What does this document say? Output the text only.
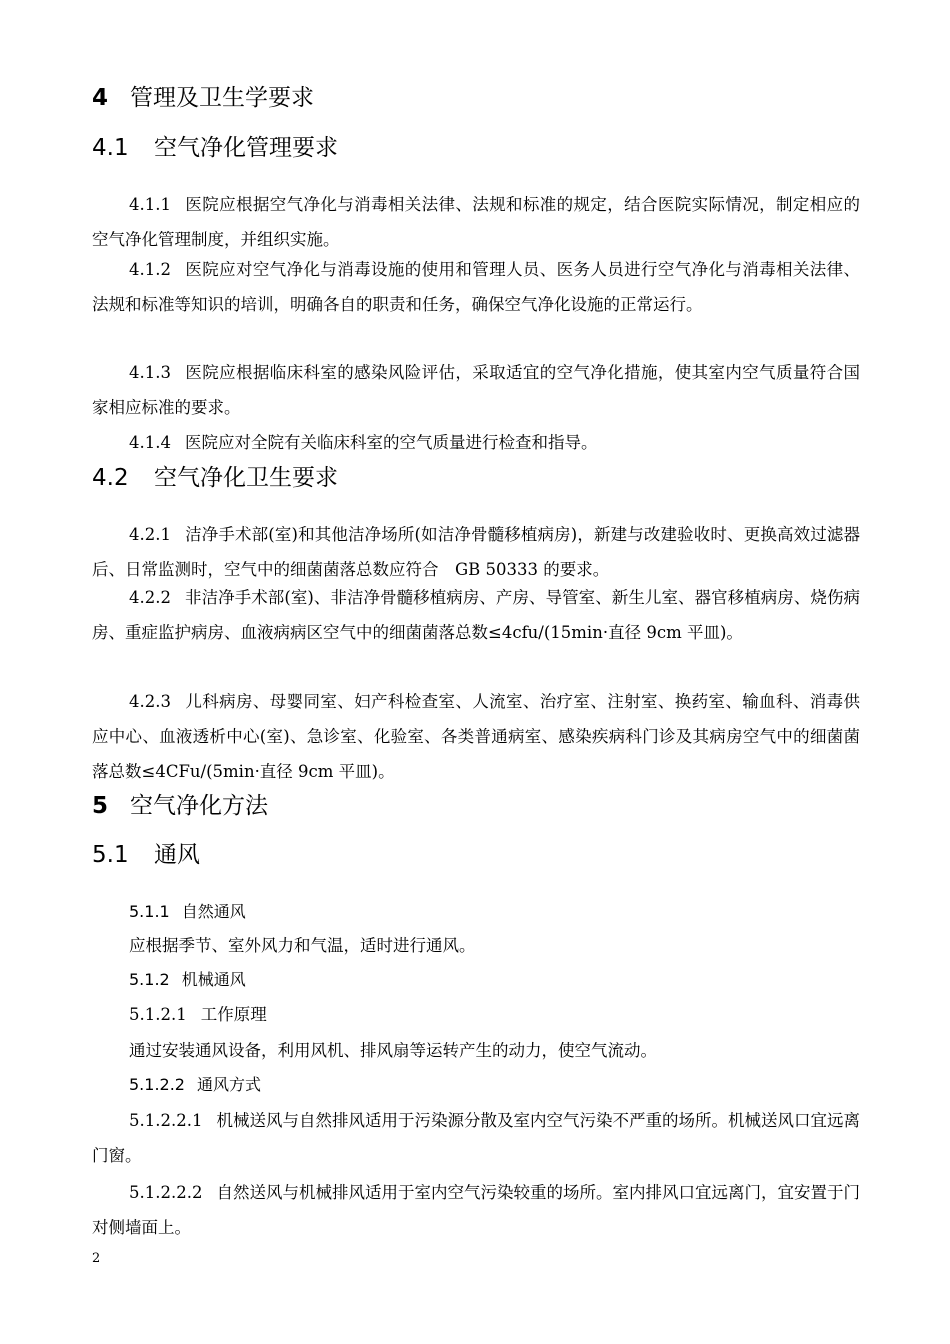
4 管理及卫生学要求
4.1 空气净化管理要求
4.1.1 医院应根据空气净化与消毒相关法律、法规和标准的规定，结合医院实际情况，制定相应的空气净化管理制度，并组织实施。
4.1.2 医院应对空气净化与消毒设施的使用和管理人员、医务人员进行空气净化与消毒相关法律、法规和标准等知识的培训，明确各自的职责和任务，确保空气净化设施的正常运行。
4.1.3 医院应根据临床科室的感染风险评估，采取适宜的空气净化措施，使其室内空气质量符合国家相应标准的要求。
4.1.4 医院应对全院有关临床科室的空气质量进行检查和指导。
4.2 空气净化卫生要求
4.2.1 洁净手术部(室)和其他洁净场所(如洁净骨髓移植病房)，新建与改建验收时、更换高效过滤器后、日常监测时，空气中的细菌菌落总数应符合　GB 50333 的要求。
4.2.2 非洁净手术部(室)、非洁净骨髓移植病房、产房、导管室、新生儿室、器官移植病房、烧伤病房、重症监护病房、血液病病区空气中的细菌菌落总数≤4cfu/(15min·直径 9cm 平皿)。
4.2.3 儿科病房、母婴同室、妇产科检查室、人流室、治疗室、注射室、换药室、输血科、消毒供应中心、血液透析中心(室)、急诊室、化验室、各类普通病室、感染疾病科门诊及其病房空气中的细菌菌落总数≤4CFu/(5min·直径 9cm 平皿)。
5 空气净化方法
5.1 通风
5.1.1 自然通风
应根据季节、室外风力和气温，适时进行通风。
5.1.2 机械通风
5.1.2.1 工作原理
通过安装通风设备，利用风机、排风扇等运转产生的动力，使空气流动。
5.1.2.2 通风方式
5.1.2.2.1 机械送风与自然排风适用于污染源分散及室内空气污染不严重的场所。机械送风口宜远离门窗。
5.1.2.2.2 自然送风与机械排风适用于室内空气污染较重的场所。室内排风口宜远离门，宜安置于门对侧墙面上。
2
